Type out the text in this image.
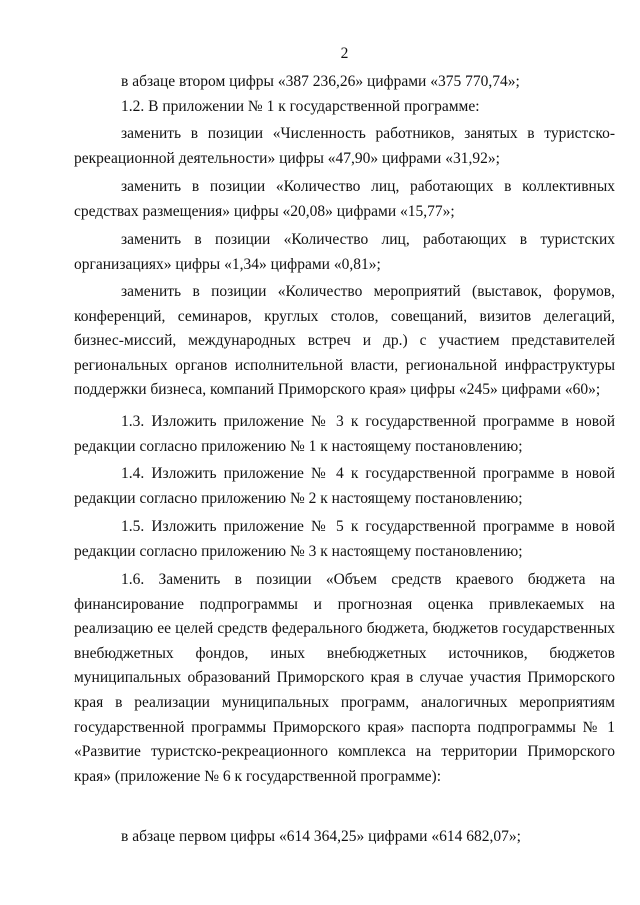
2

в абзаце втором цифры «387 236,26» цифрами «375 770,74»;

1.2. В приложении № 1 к государственной программе:

заменить в позиции «Численность работников, занятых в туристско-рекреационной деятельности» цифры «47,90» цифрами «31,92»;

заменить в позиции «Количество лиц, работающих в коллективных средствах размещения» цифры «20,08» цифрами «15,77»;

заменить в позиции «Количество лиц, работающих в туристских организациях» цифры «1,34» цифрами «0,81»;

заменить в позиции «Количество мероприятий (выставок, форумов, конференций, семинаров, круглых столов, совещаний, визитов делегаций, бизнес-миссий, международных встреч и др.) с участием представителей региональных органов исполнительной власти, региональной инфраструктуры поддержки бизнеса, компаний Приморского края» цифры «245» цифрами «60»;

1.3. Изложить приложение № 3 к государственной программе в новой редакции согласно приложению № 1 к настоящему постановлению;

1.4. Изложить приложение № 4 к государственной программе в новой редакции согласно приложению № 2 к настоящему постановлению;

1.5. Изложить приложение № 5 к государственной программе в новой редакции согласно приложению № 3 к настоящему постановлению;

1.6. Заменить в позиции «Объем средств краевого бюджета на финансирование подпрограммы и прогнозная оценка привлекаемых на реализацию ее целей средств федерального бюджета, бюджетов государственных внебюджетных фондов, иных внебюджетных источников, бюджетов муниципальных образований Приморского края в случае участия Приморского края в реализации муниципальных программ, аналогичных мероприятиям государственной программы Приморского края» паспорта подпрограммы № 1 «Развитие туристско-рекреационного комплекса на территории Приморского края» (приложение № 6 к государственной программе):

в абзаце первом цифры «614 364,25» цифрами «614 682,07»;
